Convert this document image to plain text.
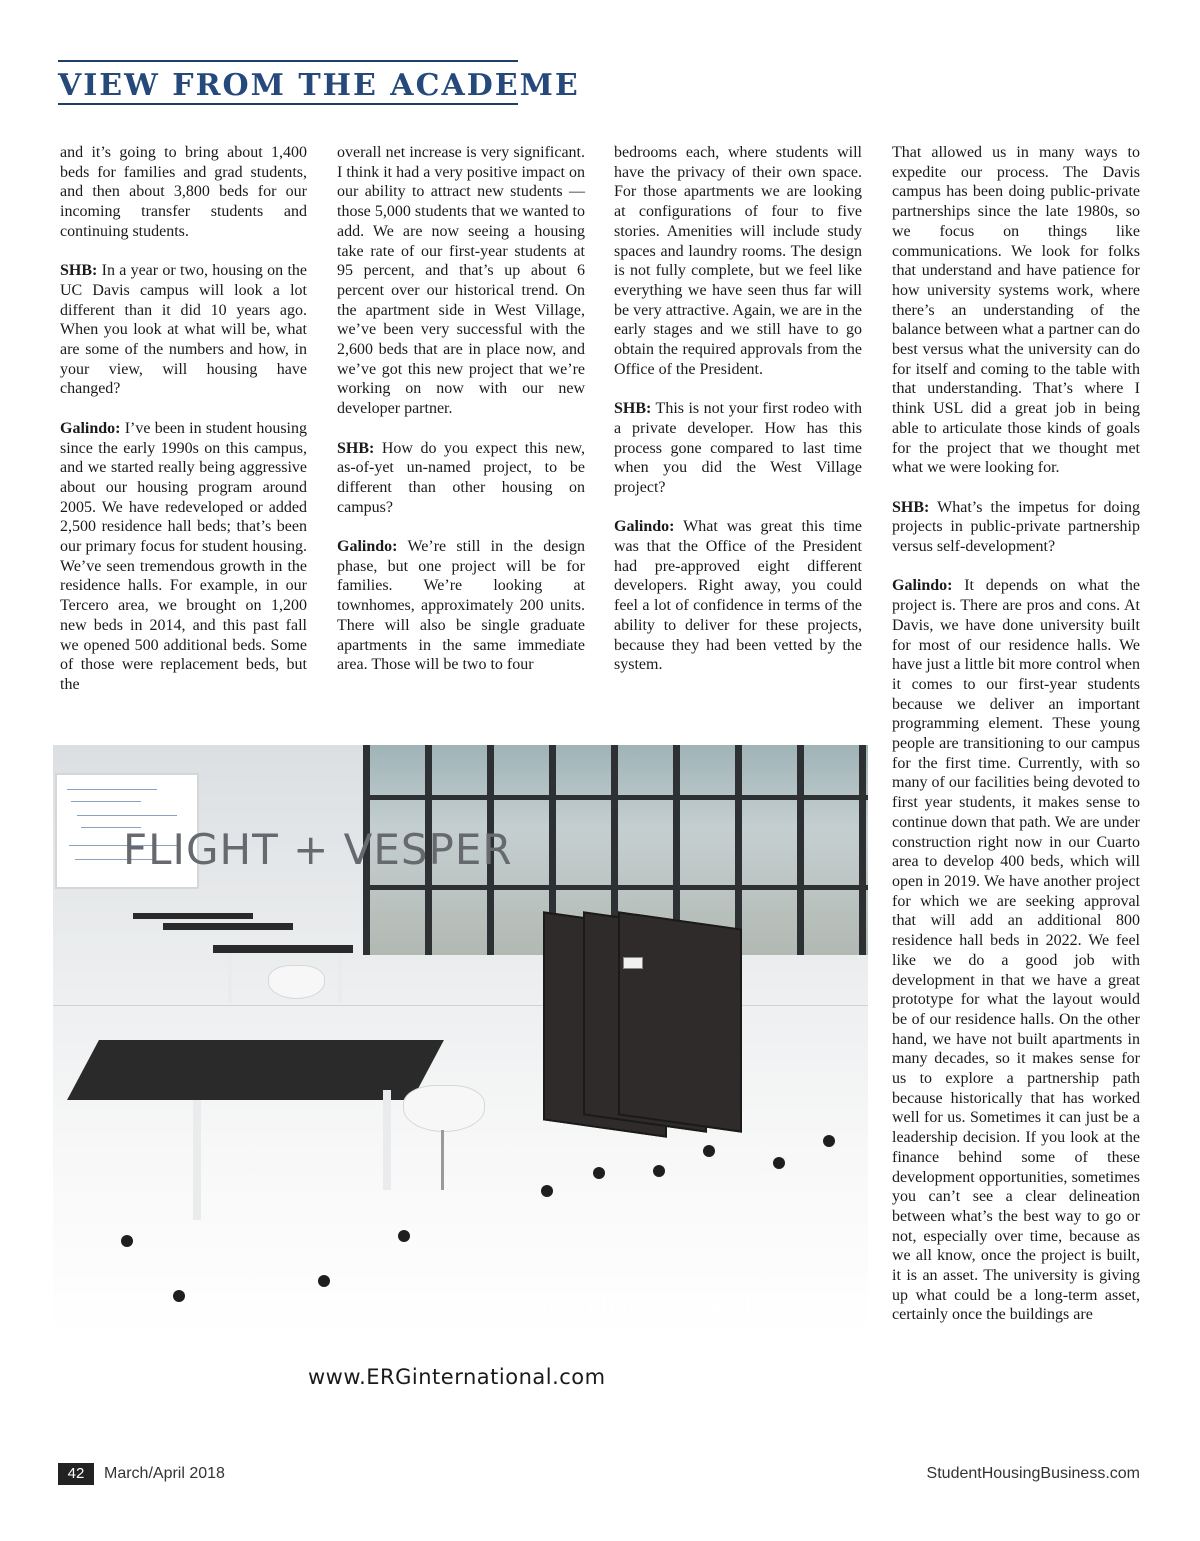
VIEW FROM THE ACADEME

and it’s going to bring about 1,400 beds for families and grad students, and then about 3,800 beds for our incoming transfer students and continuing students.

SHB: In a year or two, housing on the UC Davis campus will look a lot different than it did 10 years ago. When you look at what will be, what are some of the numbers and how, in your view, will housing have changed?

Galindo: I’ve been in student housing since the early 1990s on this campus, and we started really being aggressive about our housing program around 2005. We have redeveloped or added 2,500 residence hall beds; that’s been our primary focus for student housing. We’ve seen tremendous growth in the residence halls. For example, in our Tercero area, we brought on 1,200 new beds in 2014, and this past fall we opened 500 additional beds. Some of those were replacement beds, but the

overall net increase is very significant. I think it had a very positive impact on our ability to attract new students — those 5,000 students that we wanted to add. We are now seeing a housing take rate of our first-year students at 95 percent, and that’s up about 6 percent over our historical trend. On the apartment side in West Village, we’ve been very successful with the 2,600 beds that are in place now, and we’ve got this new project that we’re working on now with our new developer partner.

SHB: How do you expect this new, as-of-yet un-named project, to be different than other housing on campus?

Galindo: We’re still in the design phase, but one project will be for families. We’re looking at townhomes, approximately 200 units. There will also be single graduate apartments in the same immediate area. Those will be two to four

bedrooms each, where students will have the privacy of their own space. For those apartments we are looking at configurations of four to five stories. Amenities will include study spaces and laundry rooms. The design is not fully complete, but we feel like everything we have seen thus far will be very attractive. Again, we are in the early stages and we still have to go obtain the required approvals from the Office of the President.

SHB: This is not your first rodeo with a private developer. How has this process gone compared to last time when you did the West Village project?

Galindo: What was great this time was that the Office of the President had pre-approved eight different developers. Right away, you could feel a lot of confidence in terms of the ability to deliver for these projects, because they had been vetted by the system.

That allowed us in many ways to expedite our process. The Davis campus has been doing public-private partnerships since the late 1980s, so we focus on things like communications. We look for folks that understand and have patience for how university systems work, where there’s an understanding of the balance between what a partner can do best versus what the university can do for itself and coming to the table with that understanding. That’s where I think USL did a great job in being able to articulate those kinds of goals for the project that we thought met what we were looking for.

SHB: What’s the impetus for doing projects in public-private partnership versus self-development?

Galindo: It depends on what the project is. There are pros and cons. At Davis, we have done university built for most of our residence halls. We have just a little bit more control when it comes to our first-year students because we deliver an important programming element. These young people are transitioning to our campus for the first time. Currently, with so many of our facilities being devoted to first year students, it makes sense to continue down that path. We are under construction right now in our Cuarto area to develop 400 beds, which will open in 2019. We have another project for which we are seeking approval that will add an additional 800 residence hall beds in 2022. We feel like we do a good job with development in that we have a great prototype for what the layout would be of our residence halls. On the other hand, we have not built apartments in many decades, so it makes sense for us to explore a partnership path because historically that has worked well for us. Sometimes it can just be a leadership decision. If you look at the finance behind some of these development opportunities, sometimes you can’t see a clear delineation between what’s the best way to go or not, especially over time, because as we all know, once the project is built, it is an asset. The university is giving up what could be a long-term asset, certainly once the buildings are

FLIGHT + VESPER

SEATING + TABLES

www.ERGinternational.com

42	March/April 2018	StudentHousingBusiness.com
